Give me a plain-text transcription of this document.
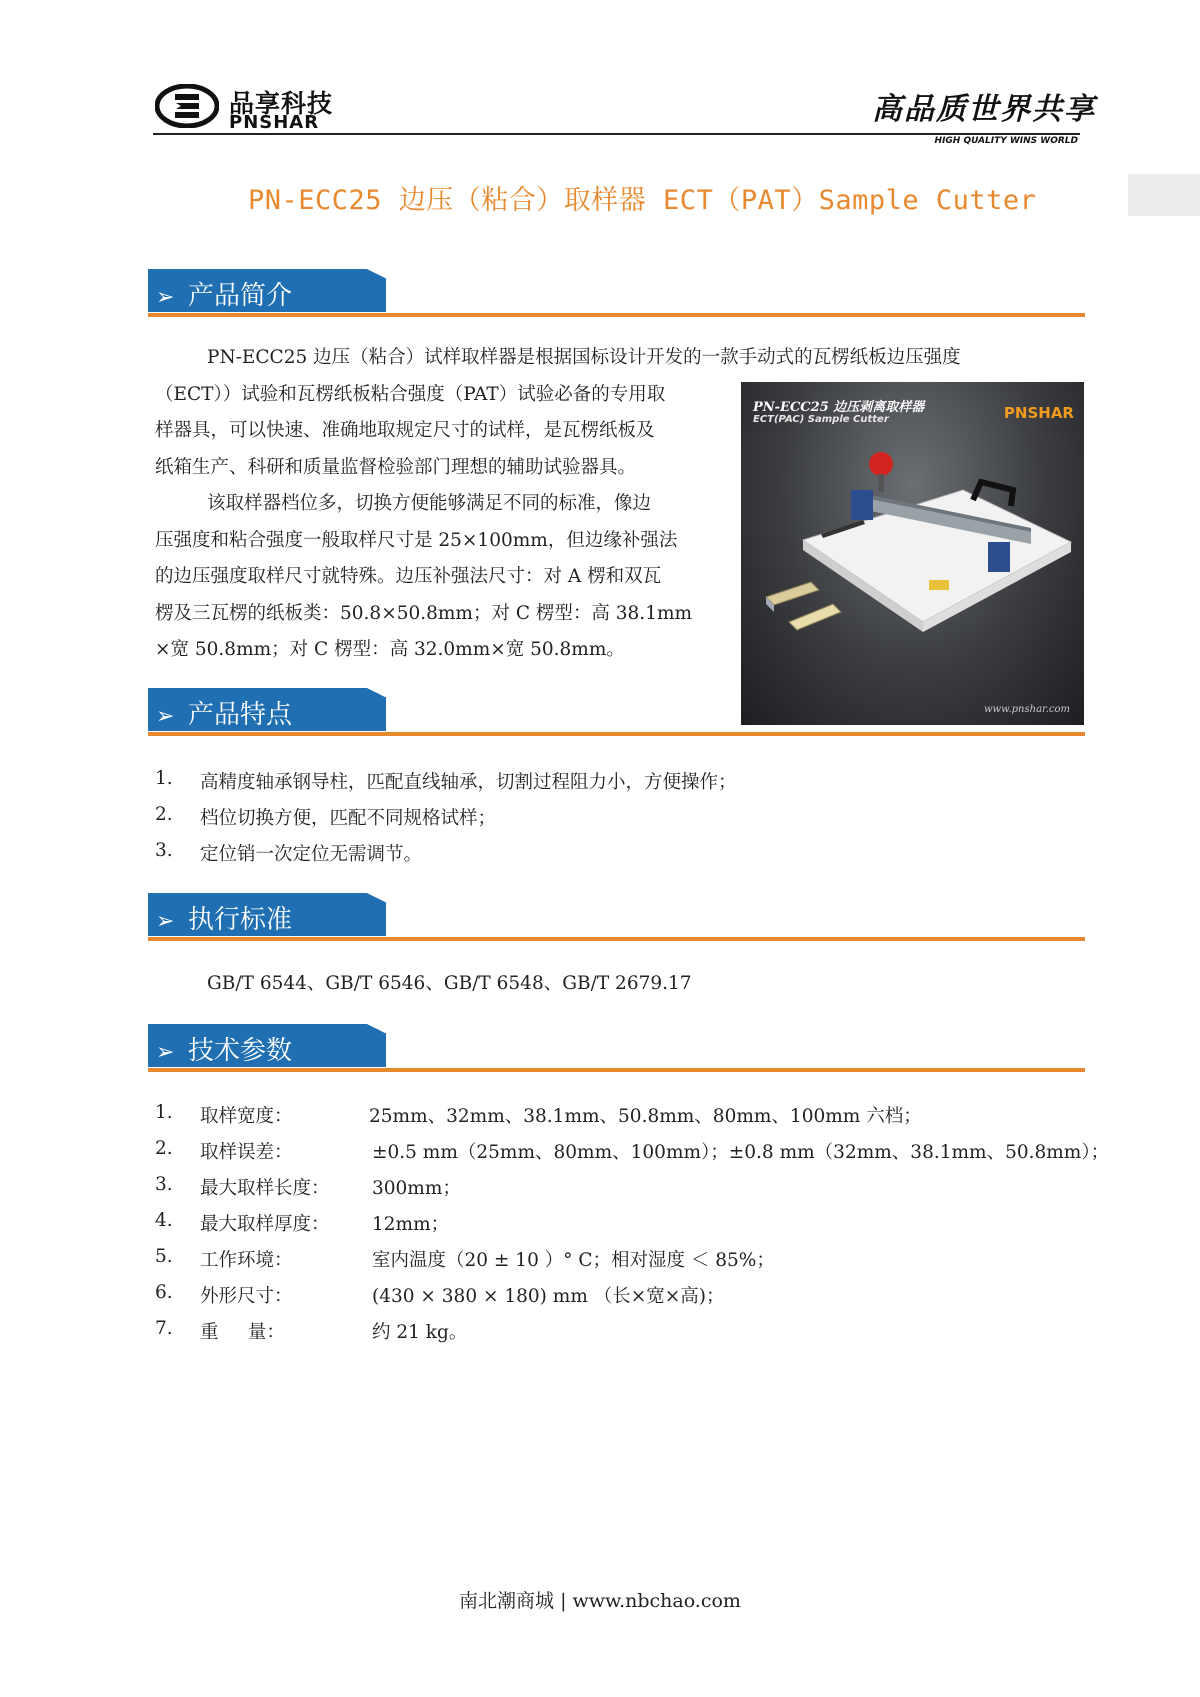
品享科技
PNSHAR	高品质世界共享
HIGH QUALITY WINS WORLD
PN-ECC25 边压（粘合）取样器 ECT（PAT）Sample Cutter
➢ 产品简介
PN-ECC25 边压（粘合）试样取样器是根据国标设计开发的一款手动式的瓦楞纸板边压强度
（ECT））试验和瓦楞纸板粘合强度（PAT）试验必备的专用取
样器具，可以快速、准确地取规定尺寸的试样，是瓦楞纸板及
纸箱生产、科研和质量监督检验部门理想的辅助试验器具。
该取样器档位多，切换方便能够满足不同的标准，像边
压强度和粘合强度一般取样尺寸是 25×100mm，但边缘补强法
的边压强度取样尺寸就特殊。边压补强法尺寸：对 A 楞和双瓦
楞及三瓦楞的纸板类：50.8×50.8mm；对 C 楞型：高 38.1mm
×宽 50.8mm；对 C 楞型：高 32.0mm×宽 50.8mm。
PN-ECC25 边压剥离取样器
ECT(PAC) Sample Cutter	PNSHAR
www.pnshar.com
➢ 产品特点
1. 高精度轴承钢导柱，匹配直线轴承，切割过程阻力小，方便操作；
2. 档位切换方便，匹配不同规格试样；
3. 定位销一次定位无需调节。
➢ 执行标准
GB/T 6544、GB/T 6546、GB/T 6548、GB/T 2679.17
➢ 技术参数
1. 取样宽度：	25mm、32mm、38.1mm、50.8mm、80mm、100mm 六档；
2. 取样误差：	±0.5 mm（25mm、80mm、100mm）；±0.8 mm（32mm、38.1mm、50.8mm）；
3. 最大取样长度： 300mm；
4. 最大取样厚度： 12mm；
5. 工作环境：	室内温度（20 ± 10 ）° C；相对湿度 ＜ 85%；
6. 外形尺寸：	(430 × 380 × 180) mm （长×宽×高)；
7. 重     量：	约 21 kg。
南北潮商城 | www.nbchao.com
